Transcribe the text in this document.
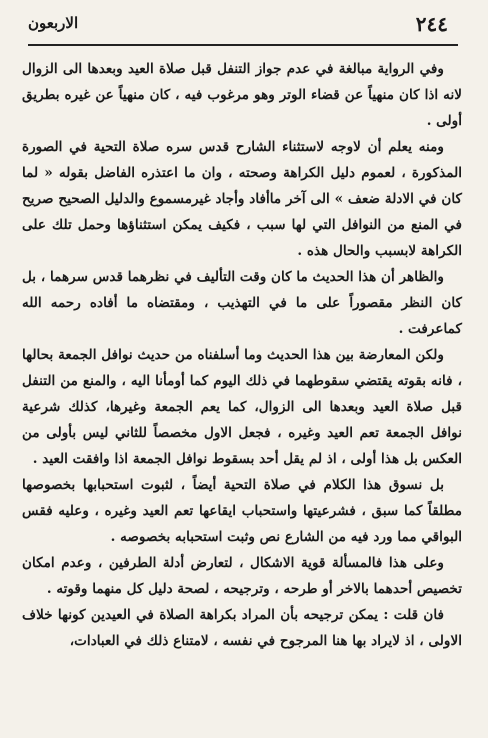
٢٤٤
الاربعون

وفي الرواية مبالغة في عدم جواز التنفل قبل صلاة العيد وبعدها الى الزوال لانه اذا كان منهياً عن قضاء الوتر وهو مرغوب فيه ، كان منهياً عن غيره بطريق أولى .

ومنه يعلم أن لاوجه لاستثناء الشارح قدس سره صلاة التحية في الصورة المذكورة ، لعموم دليل الكراهة وصحته ، وان ما اعتذره الفاضل بقوله « لما كان في الادلة ضعف » الى آخر ماأفاد وأجاد غيرمسموع والدليل الصحيح صريح في المنع من النوافل التي لها سبب ، فكيف يمكن استثناؤها وحمل تلك على الكراهة لابسبب والحال هذه .

والظاهر أن هذا الحديث ما كان وقت التأليف في نظرهما قدس سرهما ، بل كان النظر مقصوراً على ما في التهذيب ، ومقتضاه ما أفاده رحمه الله كماعرفت .

ولكن المعارضة بين هذا الحديث وما أسلفناه من حديث نوافل الجمعة بحالها ، فانه بقوته يقتضي سقوطهما في ذلك اليوم كما أومأنا اليه ، والمنع من التنفل قبل صلاة العيد وبعدها الى الزوال، كما يعم الجمعة وغيرها، كذلك شرعية نوافل الجمعة تعم العيد وغيره ، فجعل الاول مخصصاً للثاني ليس بأولى من العكس بل هذا أولى ، اذ لم يقل أحد بسقوط نوافل الجمعة اذا وافقت العيد .

بل نسوق هذا الكلام في صلاة التحية أيضاً ، لثبوت استحبابها بخصوصها مطلقاً كما سبق ، فشرعيتها واستحباب ايقاعها تعم العيد وغيره ، وعليه فقس البواقي مما ورد فيه من الشارع نص وثبت استحبابه بخصوصه .

وعلى هذا فالمسألة قوية الاشكال ، لتعارض أدلة الطرفين ، وعدم امكان تخصيص أحدهما بالاخر أو طرحه ، وترجيحه ، لصحة دليل كل منهما وقوته .

فان قلت : يمكن ترجيحه بأن المراد بكراهة الصلاة في العيدين كونها خلاف الاولى ، اذ لايراد بها هنا المرجوح في نفسه ، لامتناع ذلك في العبادات،
